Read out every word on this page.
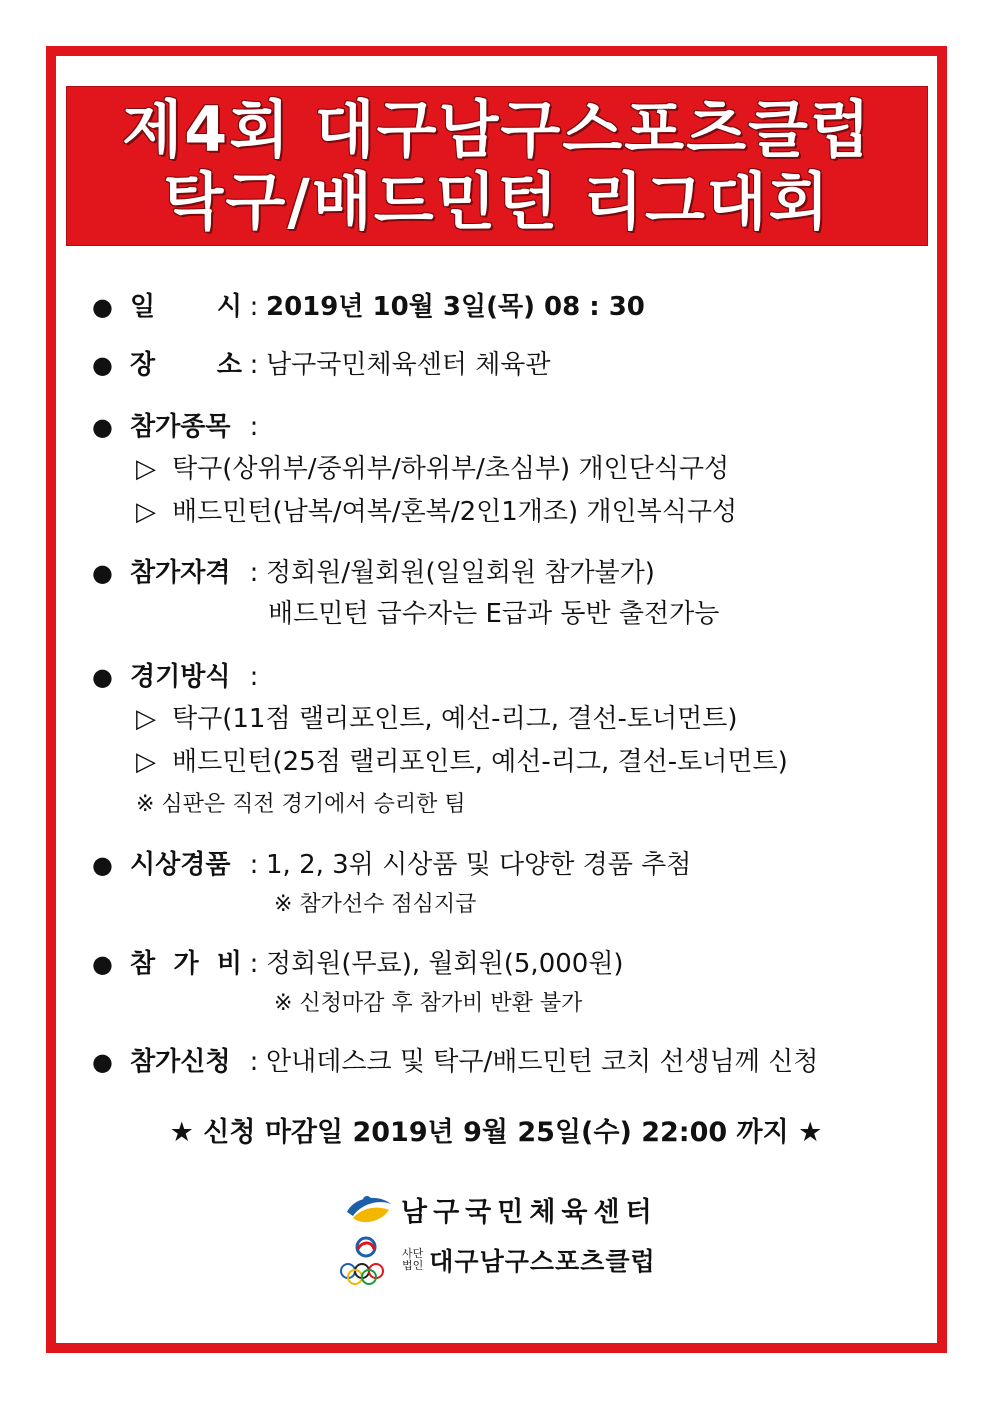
제4회 대구남구스포츠클럽
탁구/배드민턴 리그대회
● 일 시 : 2019년 10월 3일(목) 08 : 30
● 장 소 : 남구국민체육센터 체육관
● 참가종목 :
▷ 탁구(상위부/중위부/하위부/초심부) 개인단식구성
▷ 배드민턴(남복/여복/혼복/2인1개조) 개인복식구성
● 참가자격 : 정회원/월회원(일일회원 참가불가)
배드민턴 급수자는 E급과 동반 출전가능
● 경기방식 :
▷ 탁구(11점 랠리포인트, 예선-리그, 결선-토너먼트)
▷ 배드민턴(25점 랠리포인트, 예선-리그, 결선-토너먼트)
※ 심판은 직전 경기에서 승리한 팀
● 시상경품 : 1, 2, 3위 시상품 및 다양한 경품 추첨
※ 참가선수 점심지급
● 참 가 비 : 정회원(무료), 월회원(5,000원)
※ 신청마감 후 참가비 반환 불가
● 참가신청 : 안내데스크 및 탁구/배드민턴 코치 선생님께 신청
★ 신청 마감일 2019년 9월 25일(수) 22:00 까지 ★
남구국민체육센터
사단
법인 대구남구스포츠클럽
